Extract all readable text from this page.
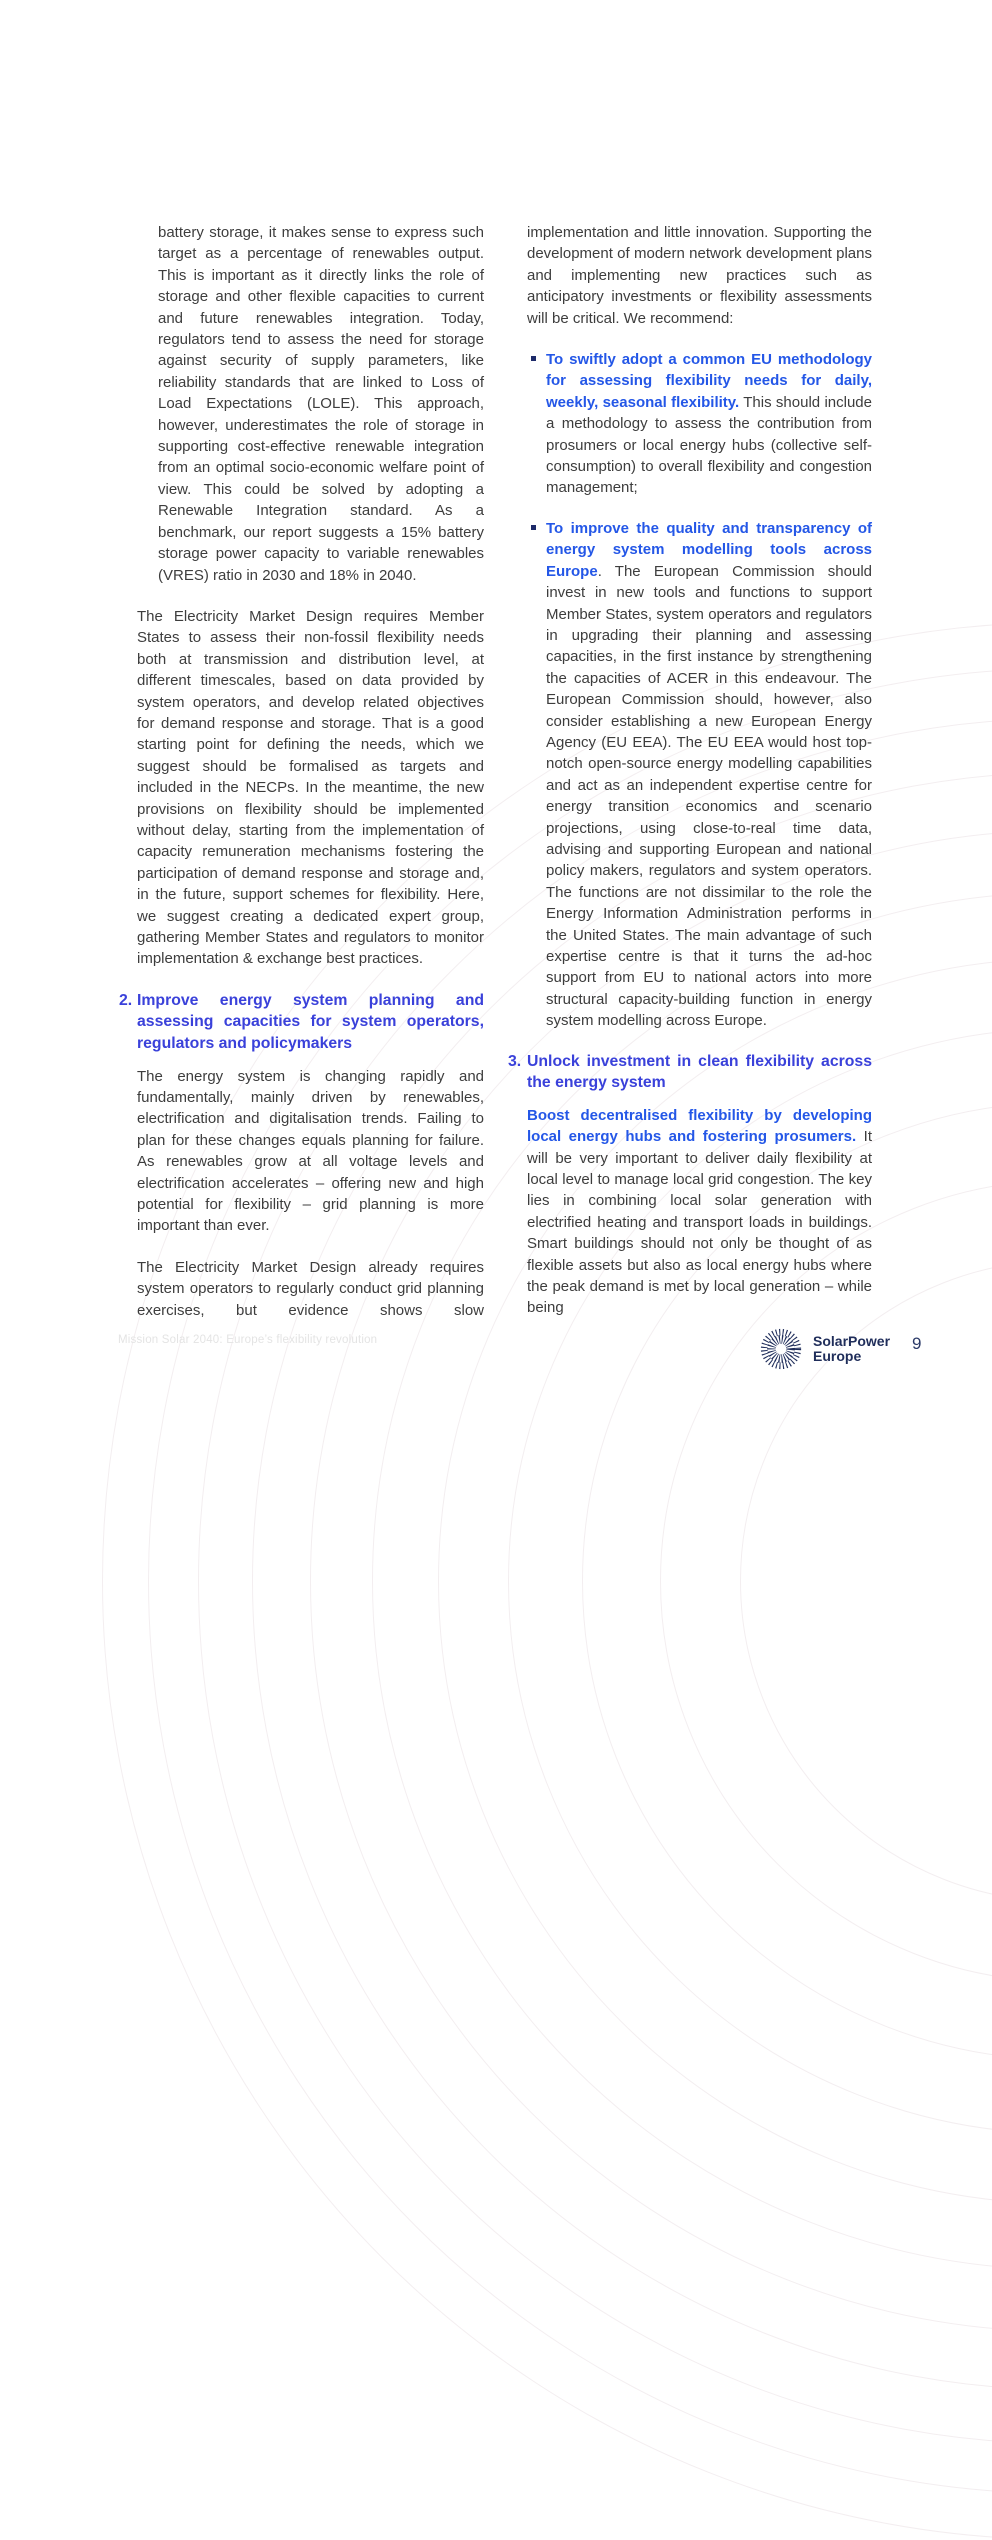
battery storage, it makes sense to express such target as a percentage of renewables output. This is important as it directly links the role of storage and other flexible capacities to current and future renewables integration. Today, regulators tend to assess the need for storage against security of supply parameters, like reliability standards that are linked to Loss of Load Expectations (LOLE). This approach, however, underestimates the role of storage in supporting cost-effective renewable integration from an optimal socio-economic welfare point of view. This could be solved by adopting a Renewable Integration standard. As a benchmark, our report suggests a 15% battery storage power capacity to variable renewables (VRES) ratio in 2030 and 18% in 2040.

The Electricity Market Design requires Member States to assess their non-fossil flexibility needs both at transmission and distribution level, at different timescales, based on data provided by system operators, and develop related objectives for demand response and storage. That is a good starting point for defining the needs, which we suggest should be formalised as targets and included in the NECPs. In the meantime, the new provisions on flexibility should be implemented without delay, starting from the implementation of capacity remuneration mechanisms fostering the participation of demand response and storage and, in the future, support schemes for flexibility. Here, we suggest creating a dedicated expert group, gathering Member States and regulators to monitor implementation & exchange best practices.

2. Improve energy system planning and assessing capacities for system operators, regulators and policymakers

The energy system is changing rapidly and fundamentally, mainly driven by renewables, electrification and digitalisation trends. Failing to plan for these changes equals planning for failure. As renewables grow at all voltage levels and electrification accelerates – offering new and high potential for flexibility – grid planning is more important than ever.

The Electricity Market Design already requires system operators to regularly conduct grid planning exercises, but evidence shows slow

implementation and little innovation. Supporting the development of modern network development plans and implementing new practices such as anticipatory investments or flexibility assessments will be critical. We recommend:

To swiftly adopt a common EU methodology for assessing flexibility needs for daily, weekly, seasonal flexibility. This should include a methodology to assess the contribution from prosumers or local energy hubs (collective self-consumption) to overall flexibility and congestion management;
To improve the quality and transparency of energy system modelling tools across Europe. The European Commission should invest in new tools and functions to support Member States, system operators and regulators in upgrading their planning and assessing capacities, in the first instance by strengthening the capacities of ACER in this endeavour. The European Commission should, however, also consider establishing a new European Energy Agency (EU EEA). The EU EEA would host top-notch open-source energy modelling capabilities and act as an independent expertise centre for energy transition economics and scenario projections, using close-to-real time data, advising and supporting European and national policy makers, regulators and system operators. The functions are not dissimilar to the role the Energy Information Administration performs in the United States. The main advantage of such expertise centre is that it turns the ad-hoc support from EU to national actors into more structural capacity-building function in energy system modelling across Europe.
3. Unlock investment in clean flexibility across the energy system

Boost decentralised flexibility by developing local energy hubs and fostering prosumers. It will be very important to deliver daily flexibility at local level to manage local grid congestion. The key lies in combining local solar generation with electrified heating and transport loads in buildings. Smart buildings should not only be thought of as flexible assets but also as local energy hubs where the peak demand is met by local generation – while being

Mission Solar 2040: Europe’s flexibility revolution	SolarPower
Europe
9
